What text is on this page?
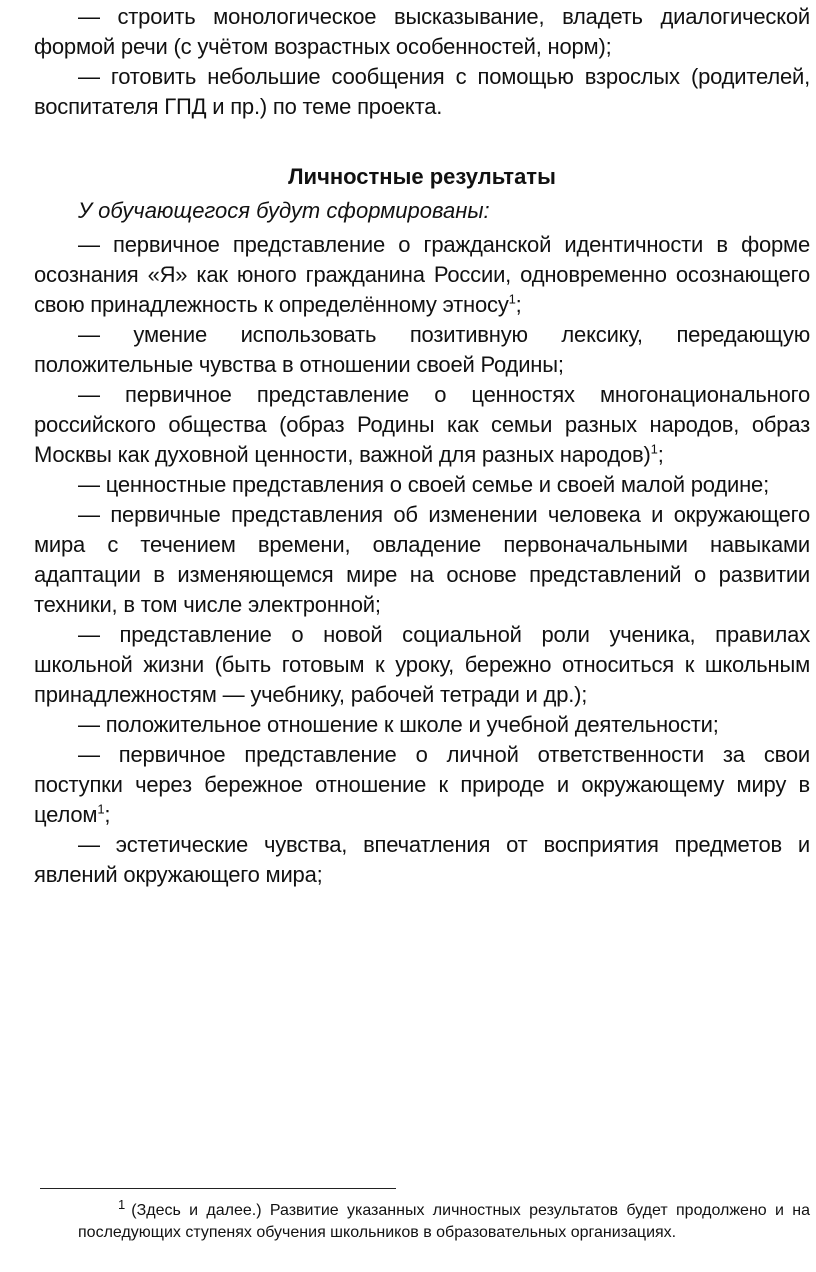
— строить монологическое высказывание, владеть диалогической формой речи (с учётом возрастных особенностей, норм);

— готовить небольшие сообщения с помощью взрослых (родителей, воспитателя ГПД и пр.) по теме проекта.

Личностные результаты

У обучающегося будут сформированы:

— первичное представление о гражданской идентичности в форме осознания «Я» как юного гражданина России, одновременно осознающего свою принадлежность к определённому этносу$^1$;

— умение использовать позитивную лексику, передающую положительные чувства в отношении своей Родины;

— первичное представление о ценностях многонационального российского общества (образ Родины как семьи разных народов, образ Москвы как духовной ценности, важной для разных народов)$^1$;

— ценностные представления о своей семье и своей малой родине;

— первичные представления об изменении человека и окружающего мира с течением времени, овладение первоначальными навыками адаптации в изменяющемся мире на основе представлений о развитии техники, в том числе электронной;

— представление о новой социальной роли ученика, правилах школьной жизни (быть готовым к уроку, бережно относиться к школьным принадлежностям — учебнику, рабочей тетради и др.);

— положительное отношение к школе и учебной деятельности;

— первичное представление о личной ответственности за свои поступки через бережное отношение к природе и окружающему миру в целом$^1$;

— эстетические чувства, впечатления от восприятия предметов и явлений окружающего мира;

$^1$ (Здесь и далее.) Развитие указанных личностных результатов будет продолжено и на последующих ступенях обучения школьников в образовательных организациях.
